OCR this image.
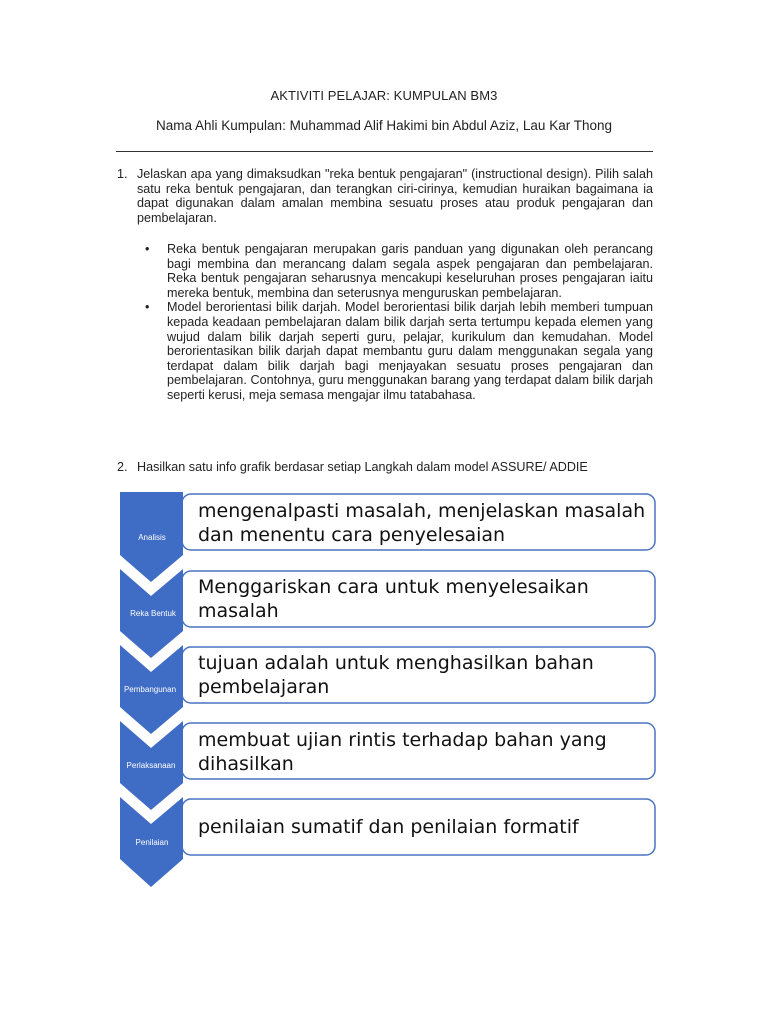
AKTIVITI PELAJAR: KUMPULAN BM3
Nama Ahli Kumpulan: Muhammad Alif Hakimi bin Abdul Aziz, Lau Kar Thong
1. Jelaskan apa yang dimaksudkan "reka bentuk pengajaran" (instructional design). Pilih salah satu reka bentuk pengajaran, dan terangkan ciri-cirinya, kemudian huraikan bagaimana ia dapat digunakan dalam amalan membina sesuatu proses atau produk pengajaran dan pembelajaran.
• Reka bentuk pengajaran merupakan garis panduan yang digunakan oleh perancang bagi membina dan merancang dalam segala aspek pengajaran dan pembelajaran. Reka bentuk pengajaran seharusnya mencakupi keseluruhan proses pengajaran iaitu mereka bentuk, membina dan seterusnya menguruskan pembelajaran.
• Model berorientasi bilik darjah. Model berorientasi bilik darjah lebih memberi tumpuan kepada keadaan pembelajaran dalam bilik darjah serta tertumpu kepada elemen yang wujud dalam bilik darjah seperti guru, pelajar, kurikulum dan kemudahan. Model berorientasikan bilik darjah dapat membantu guru dalam menggunakan segala yang terdapat dalam bilik darjah bagi menjayakan sesuatu proses pengajaran dan pembelajaran. Contohnya, guru menggunakan barang yang terdapat dalam bilik darjah seperti kerusi, meja semasa mengajar ilmu tatabahasa.
2. Hasilkan satu info grafik berdasar setiap Langkah dalam model ASSURE/ ADDIE
Analisis
Reka Bentuk
Pembangunan
Perlaksanaan
Penilaian
mengenalpasti masalah, menjelaskan masalah
dan menentu cara penyelesaian
Menggariskan cara untuk menyelesaikan
masalah
tujuan adalah untuk menghasilkan bahan
pembelajaran
membuat ujian rintis terhadap bahan yang
dihasilkan
penilaian sumatif dan penilaian formatif
